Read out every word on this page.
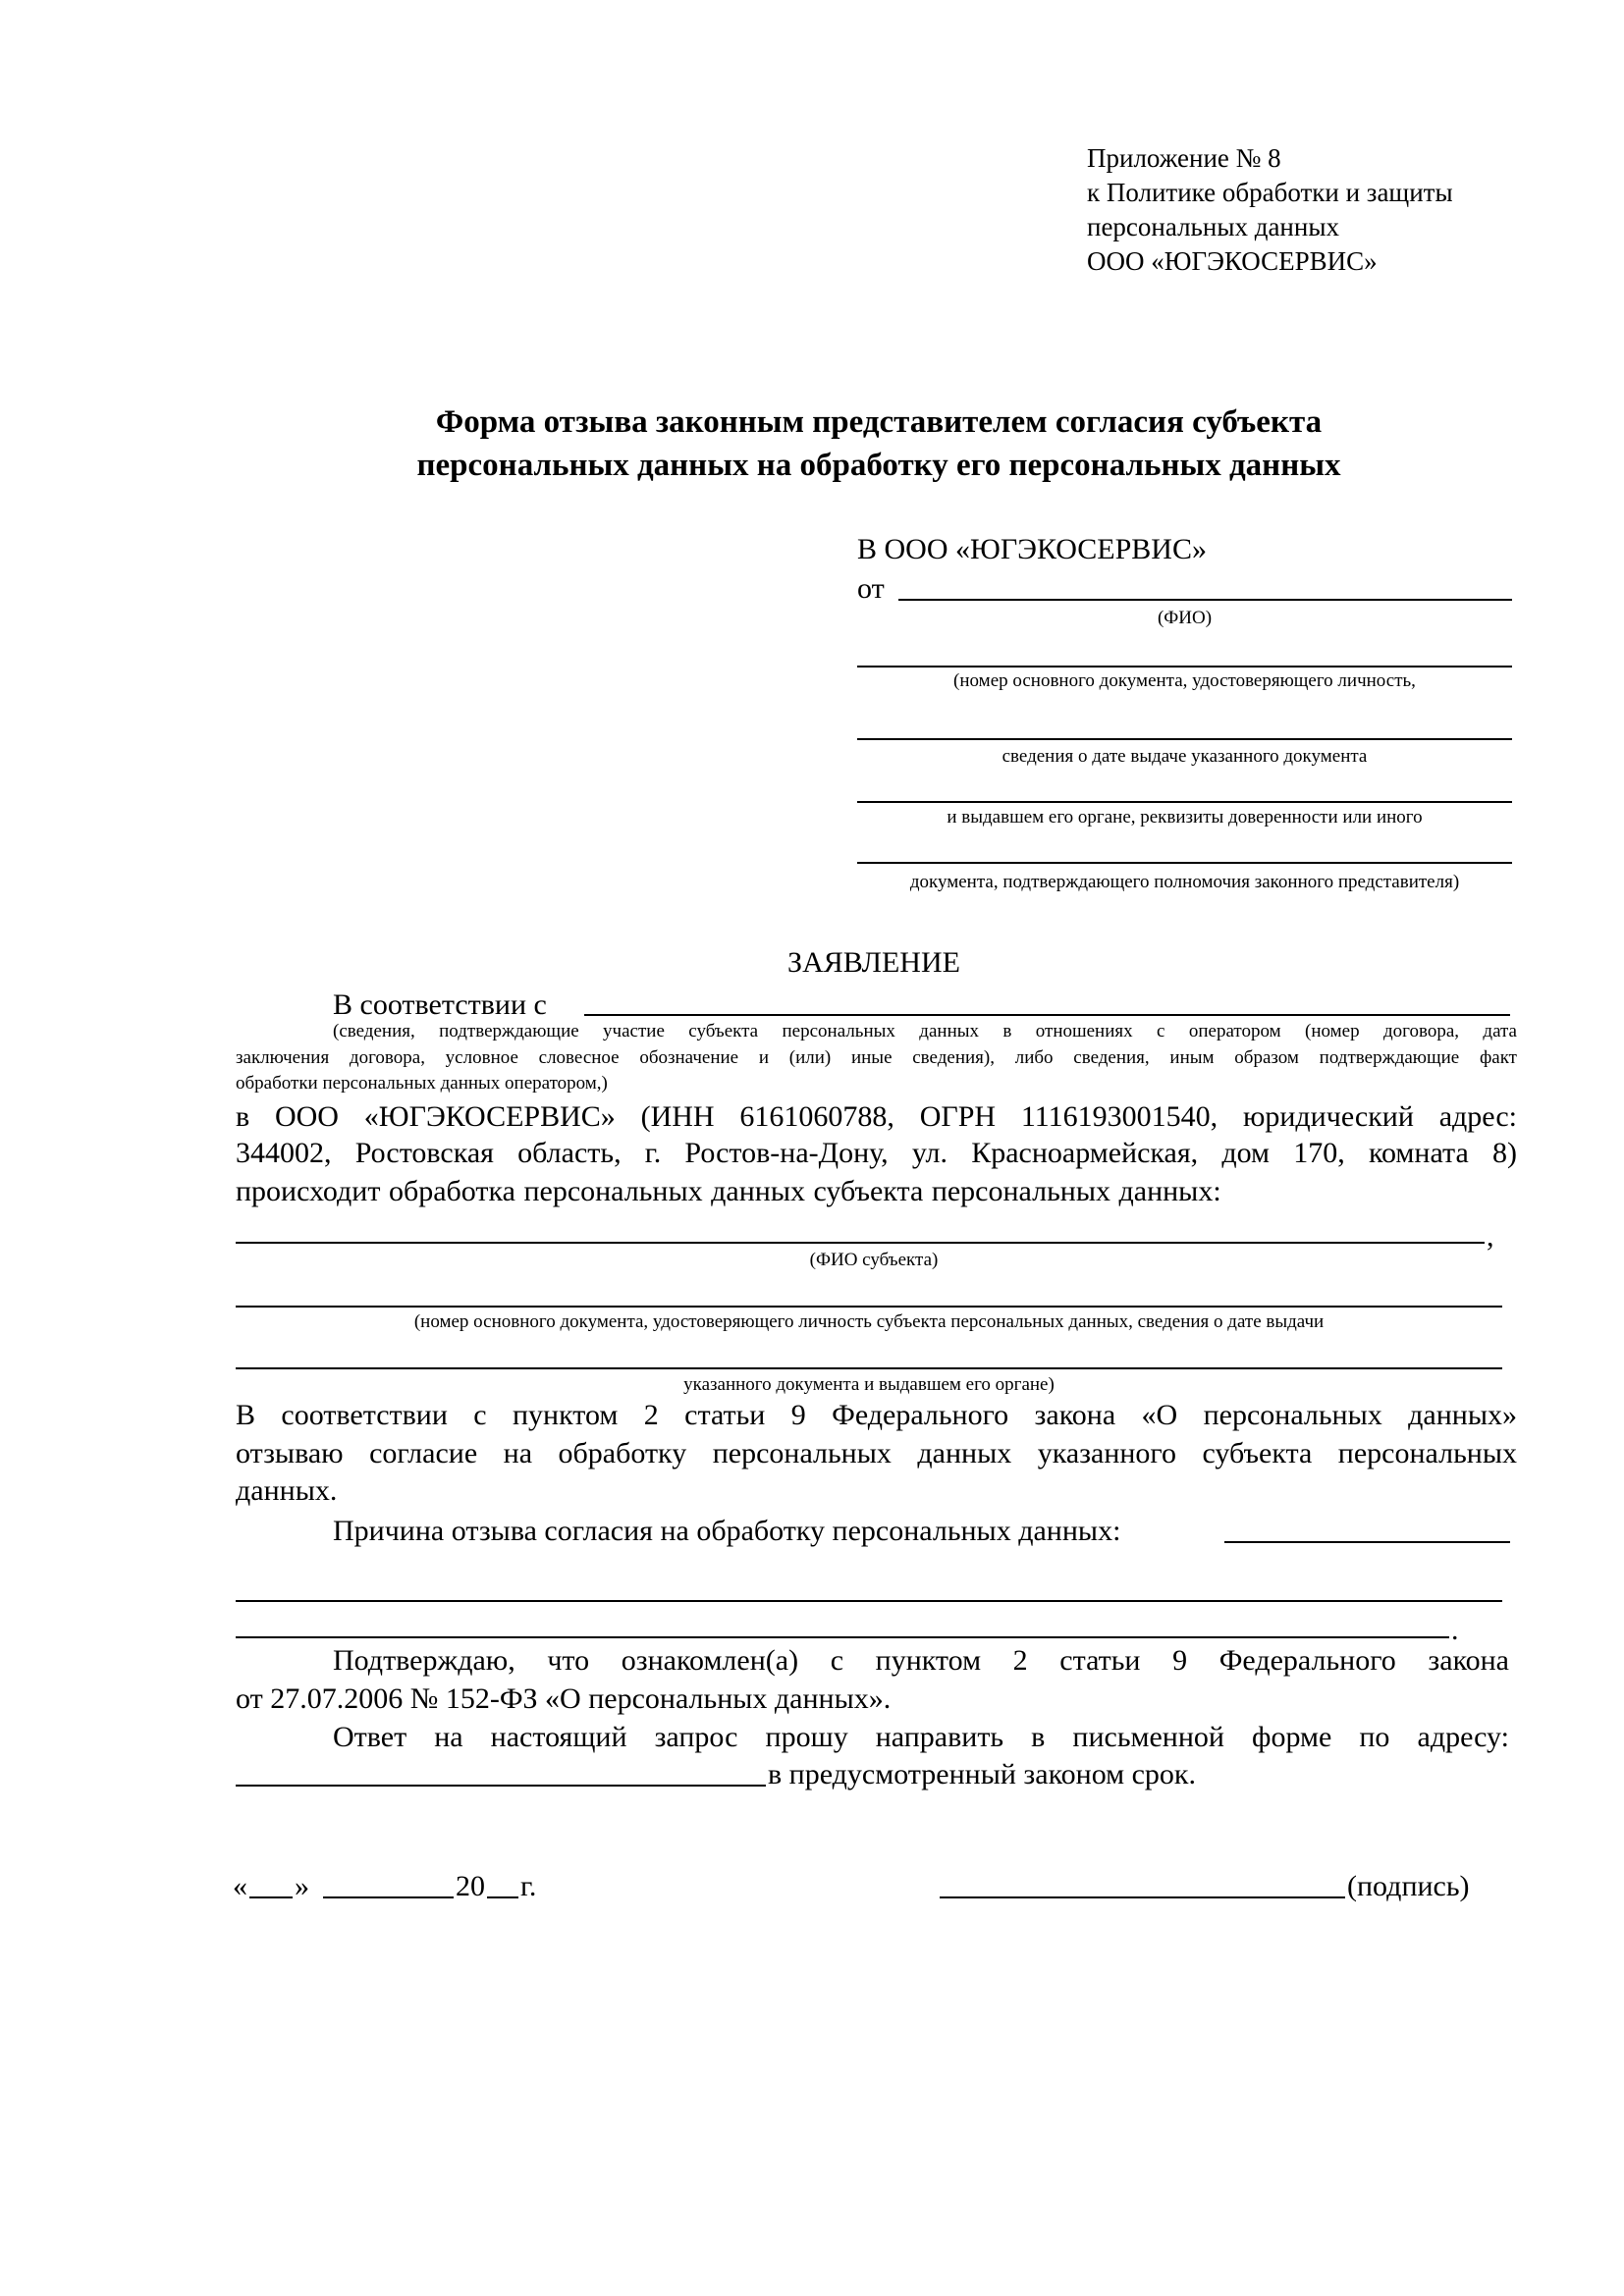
Приложение № 8
к Политике обработки и защиты
персональных данных
ООО «ЮГЭКОСЕРВИС»
Форма отзыва законным представителем согласия субъекта
персональных данных на обработку его персональных данных
В ООО «ЮГЭКОСЕРВИС»
от
(ФИО)
(номер основного документа, удостоверяющего личность,
сведения о дате выдаче указанного документа
и выдавшем его органе, реквизиты доверенности или иного
документа, подтверждающего полномочия законного представителя)
ЗАЯВЛЕНИЕ
В соответствии с
(сведения, подтверждающие участие субъекта персональных данных в отношениях с оператором (номер договора, дата
заключения договора, условное словесное обозначение и (или) иные сведения), либо сведения, иным образом подтверждающие факт
обработки персональных данных оператором,)
в ООО «ЮГЭКОСЕРВИС» (ИНН 6161060788, ОГРН 1116193001540, юридический адрес:
344002, Ростовская область, г. Ростов-на-Дону, ул. Красноармейская, дом 170, комната 8)
происходит обработка персональных данных субъекта персональных данных:
,
(ФИО субъекта)
(номер основного документа, удостоверяющего личность субъекта персональных данных, сведения о дате выдачи
указанного документа и выдавшем его органе)
В соответствии с пунктом 2 статьи 9 Федерального закона «О персональных данных»
отзываю согласие на обработку персональных данных указанного субъекта персональных
данных.
Причина отзыва согласия на обработку персональных данных:
.
Подтверждаю, что ознакомлен(а) с пунктом 2 статьи 9 Федерального закона
от 27.07.2006 № 152-ФЗ «О персональных данных».
Ответ на настоящий запрос прошу направить в письменной форме по адресу:
в предусмотренный законом срок.
« »	20 г.	(подпись)
